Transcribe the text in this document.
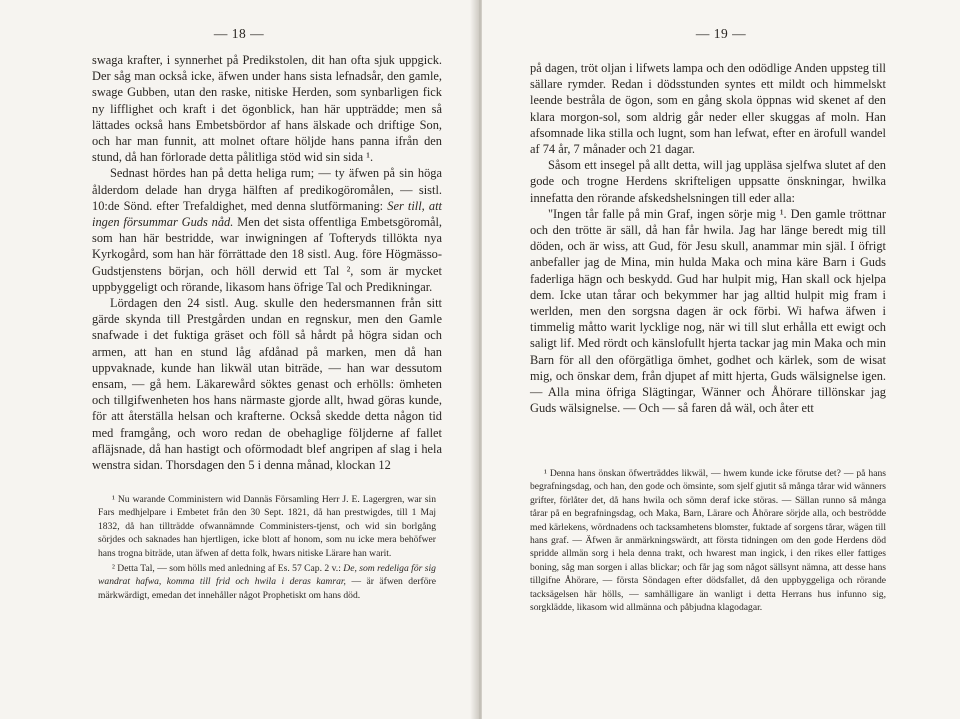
— 18 —

swaga krafter, i synnerhet på Predikstolen, dit han ofta sjuk uppgick. Der såg man också icke, äfwen under hans sista lefnadsår, den gamle, swage Gubben, utan den raske, nitiske Herden, som synbarligen fick ny lifflighet och kraft i det ögonblick, han här uppträdde; men så lättades också hans Embetsbördor af hans älskade och driftige Son, och har man funnit, att molnet oftare höljde hans panna ifrån den stund, då han förlorade detta pålitliga stöd wid sin sida ¹.

Sednast hördes han på detta heliga rum; — ty äfwen på sin höga ålderdom delade han dryga hälften af predikogöromålen, — sistl. 10:de Sönd. efter Trefaldighet, med denna slutförmaning: Ser till, att ingen försummar Guds nåd. Men det sista offentliga Embetsgöromål, som han här bestridde, war inwigningen af Tofteryds tillökta nya Kyrkogård, som han här förrättade den 18 sistl. Aug. före Högmässo-Gudstjenstens början, och höll derwid ett Tal ², som är mycket uppbyggeligt och rörande, likasom hans öfrige Tal och Predikningar.

Lördagen den 24 sistl. Aug. skulle den hedersmannen från sitt gärde skynda till Prestgården undan en regnskur, men den Gamle snafwade i det fuktiga gräset och föll så hårdt på högra sidan och armen, att han en stund låg afdånad på marken, men då han uppvaknade, kunde han likwäl utan biträde, — han war dessutom ensam, — gå hem. Läkarewård söktes genast och erhölls: ömheten och tillgifwenheten hos hans närmaste gjorde allt, hwad göras kunde, för att återställa helsan och krafterne. Också skedde detta någon tid med framgång, och woro redan de obehaglige följderne af fallet afläjsnade, då han hastigt och oförmodadt blef angripen af slag i hela wenstra sidan. Thorsdagen den 5 i denna månad, klockan 12

¹ Nu warande Comministern wid Dannäs Församling Herr J. E. Lagergren, war sin Fars medhjelpare i Embetet från den 30 Sept. 1821, då han prestwigdes, till 1 Maj 1832, då han tillträdde ofwannämnde Comministers-tjenst, och wid sin borlgång sörjdes och saknades han hjertligen, icke blott af honom, som nu icke mera behöfwer hans trogna biträde, utan äfwen af detta folk, hwars nitiske Lärare han warit.

² Detta Tal, — som hölls med anledning af Es. 57 Cap. 2 v.: De, som redeliga för sig wandrat hafwa, komma till frid och hwila i deras kamrar, — är äfwen derföre märkwärdigt, emedan det innehåller något Prophetiskt om hans död.

— 19 —

på dagen, tröt oljan i lifwets lampa och den odödlige Anden uppsteg till sällare rymder. Redan i dödsstunden syntes ett mildt och himmelskt leende bestråla de ögon, som en gång skola öppnas wid skenet af den klara morgon-sol, som aldrig går neder eller skuggas af moln. Han afsomnade lika stilla och lugnt, som han lefwat, efter en ärofull wandel af 74 år, 7 månader och 21 dagar.

Såsom ett insegel på allt detta, will jag uppläsa sjelfwa slutet af den gode och trogne Herdens skrifteligen uppsatte önskningar, hwilka innefatta den rörande afskedshelsningen till eder alla:

"Ingen tår falle på min Graf, ingen sörje mig ¹. Den gamle tröttnar och den trötte är säll, då han får hwila. Jag har länge beredt mig till döden, och är wiss, att Gud, för Jesu skull, anammar min själ. I öfrigt anbefaller jag de Mina, min hulda Maka och mina käre Barn i Guds faderliga hägn och beskydd. Gud har hulpit mig, Han skall ock hjelpa dem. Icke utan tårar och bekymmer har jag alltid hulpit mig fram i werlden, men den sorgsna dagen är ock förbi. Wi hafwa äfwen i timmelig måtto warit lycklige nog, när wi till slut erhålla ett ewigt och saligt lif. Med rördt och känslofullt hjerta tackar jag min Maka och min Barn för all den oförgätliga ömhet, godhet och kärlek, som de wisat mig, och önskar dem, från djupet af mitt hjerta, Guds wälsignelse igen. — Alla mina öfriga Slägtingar, Wänner och Åhörare tillönskar jag Guds wälsignelse. — Och — så faren då wäl, och åter ett

¹ Denna hans önskan öfwerträddes likwäl, — hwem kunde icke förutse det? — på hans begrafningsdag, och han, den gode och ömsinte, som sjelf gjutit så många tårar wid wänners grifter, förlåter det, då hans hwila och sömn deraf icke störas. — Sällan runno så många tårar på en begrafningsdag, och Maka, Barn, Lärare och Åhörare sörjde alla, och beströdde med kärlekens, wördnadens och tacksamhetens blomster, fuktade af sorgens tårar, wägen till hans graf. — Äfwen är anmärkningswärdt, att första tidningen om den gode Herdens död spridde allmän sorg i hela denna trakt, och hwarest man ingick, i den rikes eller fattiges boning, såg man sorgen i allas blickar; och får jag som något sällsynt nämna, att desse hans tillgifne Åhörare, — första Söndagen efter dödsfallet, då den uppbyggeliga och rörande tacksägelsen här hölls, — samhälligare än wanligt i detta Herrans hus infunno sig, sorgklädde, likasom wid allmänna och påbjudna klagodagar.
